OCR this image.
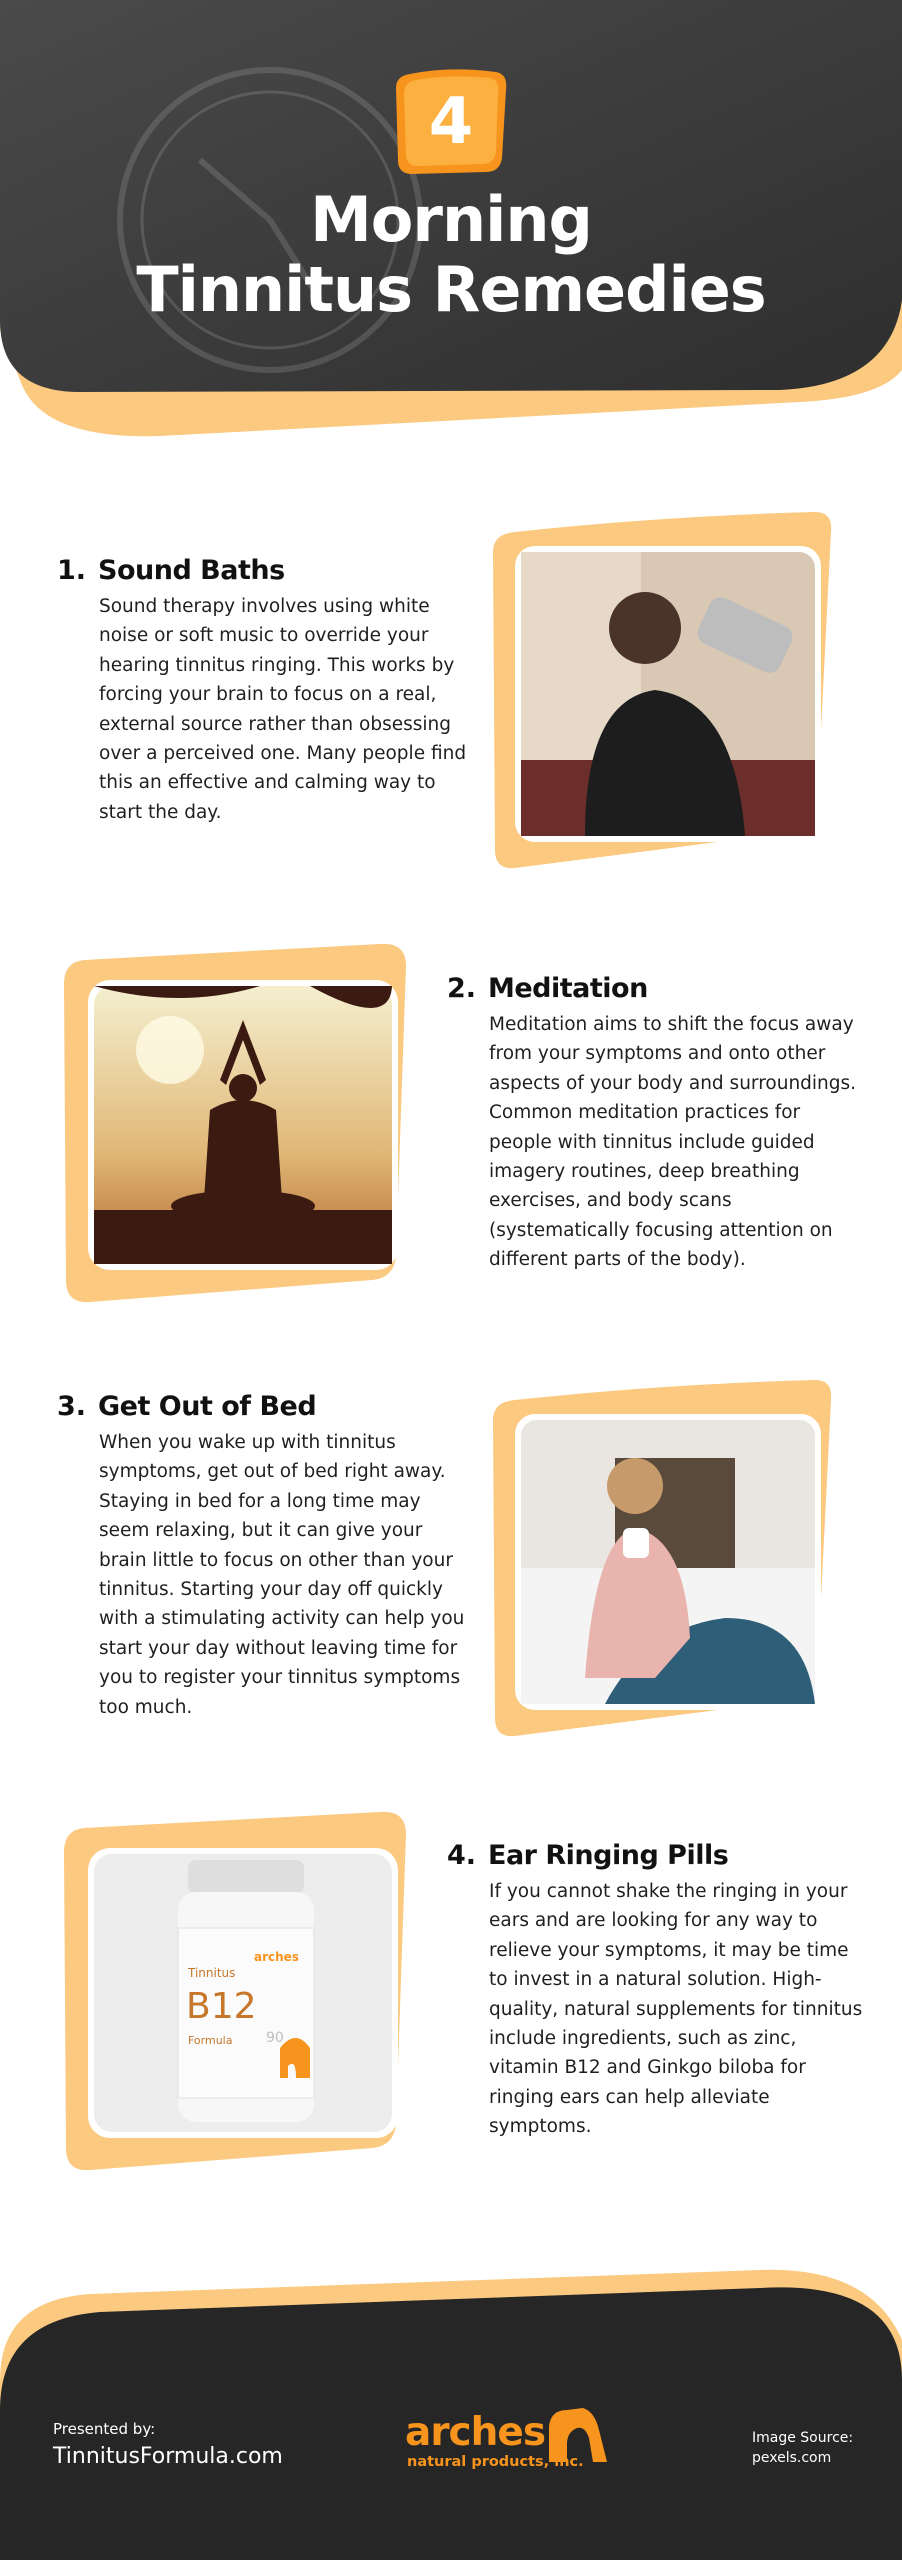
4
Morning
Tinnitus Remedies
1. Sound Baths
Sound therapy involves using white noise or soft music to override your hearing tinnitus ringing. This works by forcing your brain to focus on a real, external source rather than obsessing over a perceived one. Many people find this an effective and calming way to start the day.
2. Meditation
Meditation aims to shift the focus away from your symptoms and onto other aspects of your body and surroundings. Common meditation practices for people with tinnitus include guided imagery routines, deep breathing exercises, and body scans (systematically focusing attention on different parts of the body).
3. Get Out of Bed
When you wake up with tinnitus symptoms, get out of bed right away. Staying in bed for a long time may seem relaxing, but it can give your brain little to focus on other than your tinnitus. Starting your day off quickly with a stimulating activity can help you start your day without leaving time for you to register your tinnitus symptoms too much.
arches
Tinnitus
B12
Formula 90
4. Ear Ringing Pills
If you cannot shake the ringing in your ears and are looking for any way to relieve your symptoms, it may be time to invest in a natural solution. High-quality, natural supplements for tinnitus include ingredients, such as zinc, vitamin B12 and Ginkgo biloba for ringing ears can help alleviate symptoms.
Presented by:
TinnitusFormula.com
arches
natural products, inc.
Image Source:
pexels.com
